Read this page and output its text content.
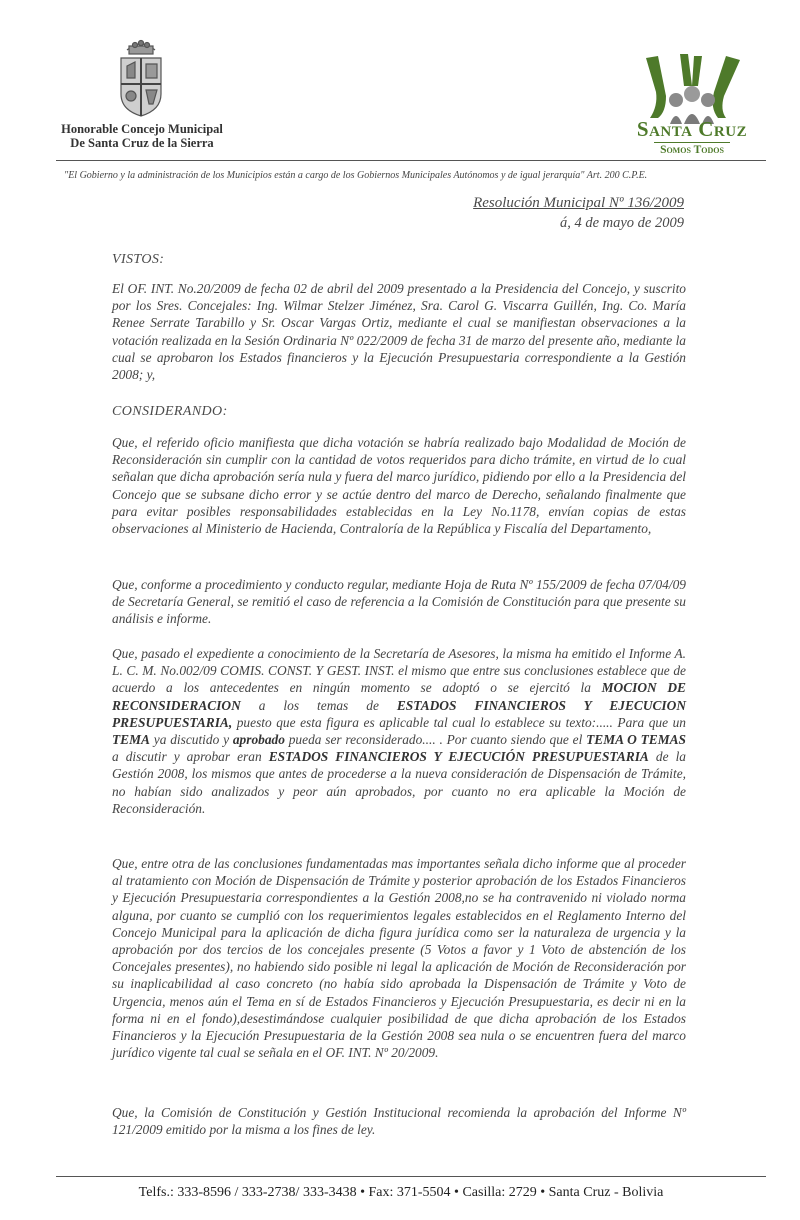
Honorable Concejo Municipal
De Santa Cruz de la Sierra
Santa Cruz
Somos Todos
"El Gobierno y la administración de los Municipios están a cargo de los Gobiernos Municipales Autónomos y de igual jerarquía" Art. 200 C.P.E.
Resolución Municipal Nº 136/2009
á, 4 de mayo de 2009
VISTOS:

El OF. INT. No.20/2009 de fecha 02 de abril del 2009 presentado a la Presidencia del Concejo, y suscrito por los Sres. Concejales: Ing. Wilmar Stelzer Jiménez, Sra. Carol G. Viscarra Guillén, Ing. Co. María Renee Serrate Tarabillo y Sr. Oscar Vargas Ortiz, mediante el cual se manifiestan observaciones a la votación realizada en la Sesión Ordinaria Nº 022/2009 de fecha 31 de marzo del presente año, mediante la cual se aprobaron los Estados financieros y la Ejecución Presupuestaria correspondiente a la Gestión 2008; y,

CONSIDERANDO:

Que, el referido oficio manifiesta que dicha votación se habría realizado bajo Modalidad de Moción de Reconsideración sin cumplir con la cantidad de votos requeridos para dicho trámite, en virtud de lo cual señalan que dicha aprobación sería nula y fuera del marco jurídico, pidiendo por ello a la Presidencia del Concejo que se subsane dicho error y se actúe dentro del marco de Derecho, señalando finalmente que para evitar posibles responsabilidades establecidas en la Ley No.1178, envían copias de estas observaciones al Ministerio de Hacienda, Contraloría de la República y Fiscalía del Departamento,

Que, conforme a procedimiento y conducto regular, mediante Hoja de Ruta Nº 155/2009 de fecha 07/04/09 de Secretaría General, se remitió el caso de referencia a la Comisión de Constitución para que presente su análisis e informe.

Que, pasado el expediente a conocimiento de la Secretaría de Asesores, la misma ha emitido el Informe A. L. C. M. No.002/09 COMIS. CONST. Y GEST. INST. el mismo que entre sus conclusiones establece que de acuerdo a los antecedentes en ningún momento se adoptó o se ejercitó la MOCION DE RECONSIDERACION a los temas de ESTADOS FINANCIEROS Y EJECUCION PRESUPUESTARIA, puesto que esta figura es aplicable tal cual lo establece su texto:..... Para que un TEMA ya discutido y aprobado pueda ser reconsiderado.... . Por cuanto siendo que el TEMA O TEMAS a discutir y aprobar eran ESTADOS FINANCIEROS Y EJECUCIÓN PRESUPUESTARIA de la Gestión 2008, los mismos que antes de procederse a la nueva consideración de Dispensación de Trámite, no habían sido analizados y peor aún aprobados, por cuanto no era aplicable la Moción de Reconsideración.

Que, entre otra de las conclusiones fundamentadas mas importantes señala dicho informe que al proceder al tratamiento con Moción de Dispensación de Trámite y posterior aprobación de los Estados Financieros y Ejecución Presupuestaria correspondientes a la Gestión 2008,no se ha contravenido ni violado norma alguna, por cuanto se cumplió con los requerimientos legales establecidos en el Reglamento Interno del Concejo Municipal para la aplicación de dicha figura jurídica como ser la naturaleza de urgencia y la aprobación por dos tercios de los concejales presente (5 Votos a favor y 1 Voto de abstención de los Concejales presentes), no habiendo sido posible ni legal la aplicación de Moción de Reconsideración por su inaplicabilidad al caso concreto (no había sido aprobada la Dispensación de Trámite y Voto de Urgencia, menos aún el Tema en sí de Estados Financieros y Ejecución Presupuestaria, es decir ni en la forma ni en el fondo),desestimándose cualquier posibilidad de que dicha aprobación de los Estados Financieros y la Ejecución Presupuestaria de la Gestión 2008 sea nula o se encuentren fuera del marco jurídico vigente tal cual se señala en el OF. INT. Nº 20/2009.

Que, la Comisión de Constitución y Gestión Institucional recomienda la aprobación del Informe Nº 121/2009 emitido por la misma a los fines de ley.

Telfs.: 333-8596 / 333-2738/ 333-3438 • Fax: 371-5504 • Casilla: 2729 • Santa Cruz - Bolivia
